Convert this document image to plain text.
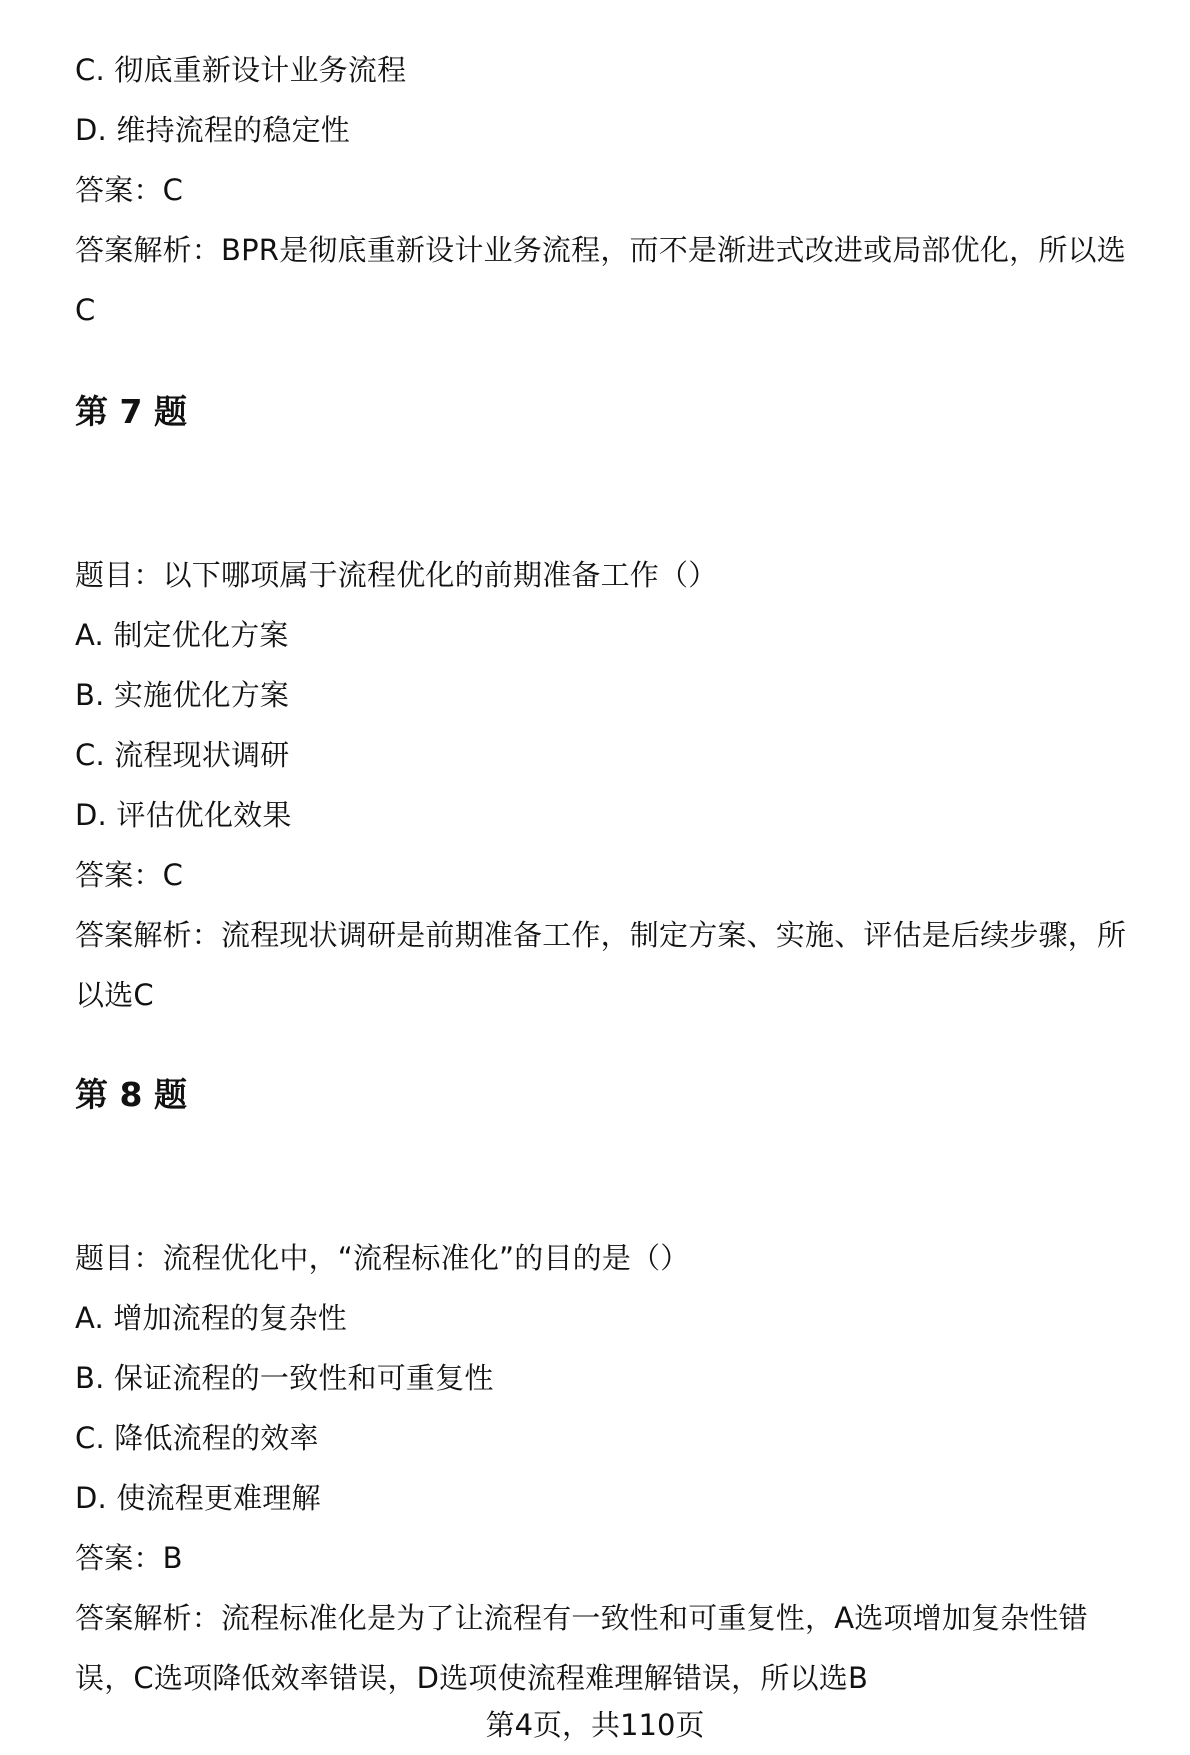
C. 彻底重新设计业务流程
D. 维持流程的稳定性
答案：C
答案解析：BPR是彻底重新设计业务流程，而不是渐进式改进或局部优化，所以选
C
第 7 题
题目：以下哪项属于流程优化的前期准备工作（）
A. 制定优化方案
B. 实施优化方案
C. 流程现状调研
D. 评估优化效果
答案：C
答案解析：流程现状调研是前期准备工作，制定方案、实施、评估是后续步骤，所
以选C
第 8 题
题目：流程优化中，“流程标准化”的目的是（）
A. 增加流程的复杂性
B. 保证流程的一致性和可重复性
C. 降低流程的效率
D. 使流程更难理解
答案：B
答案解析：流程标准化是为了让流程有一致性和可重复性，A选项增加复杂性错
误，C选项降低效率错误，D选项使流程难理解错误，所以选B
第4页，共110页
